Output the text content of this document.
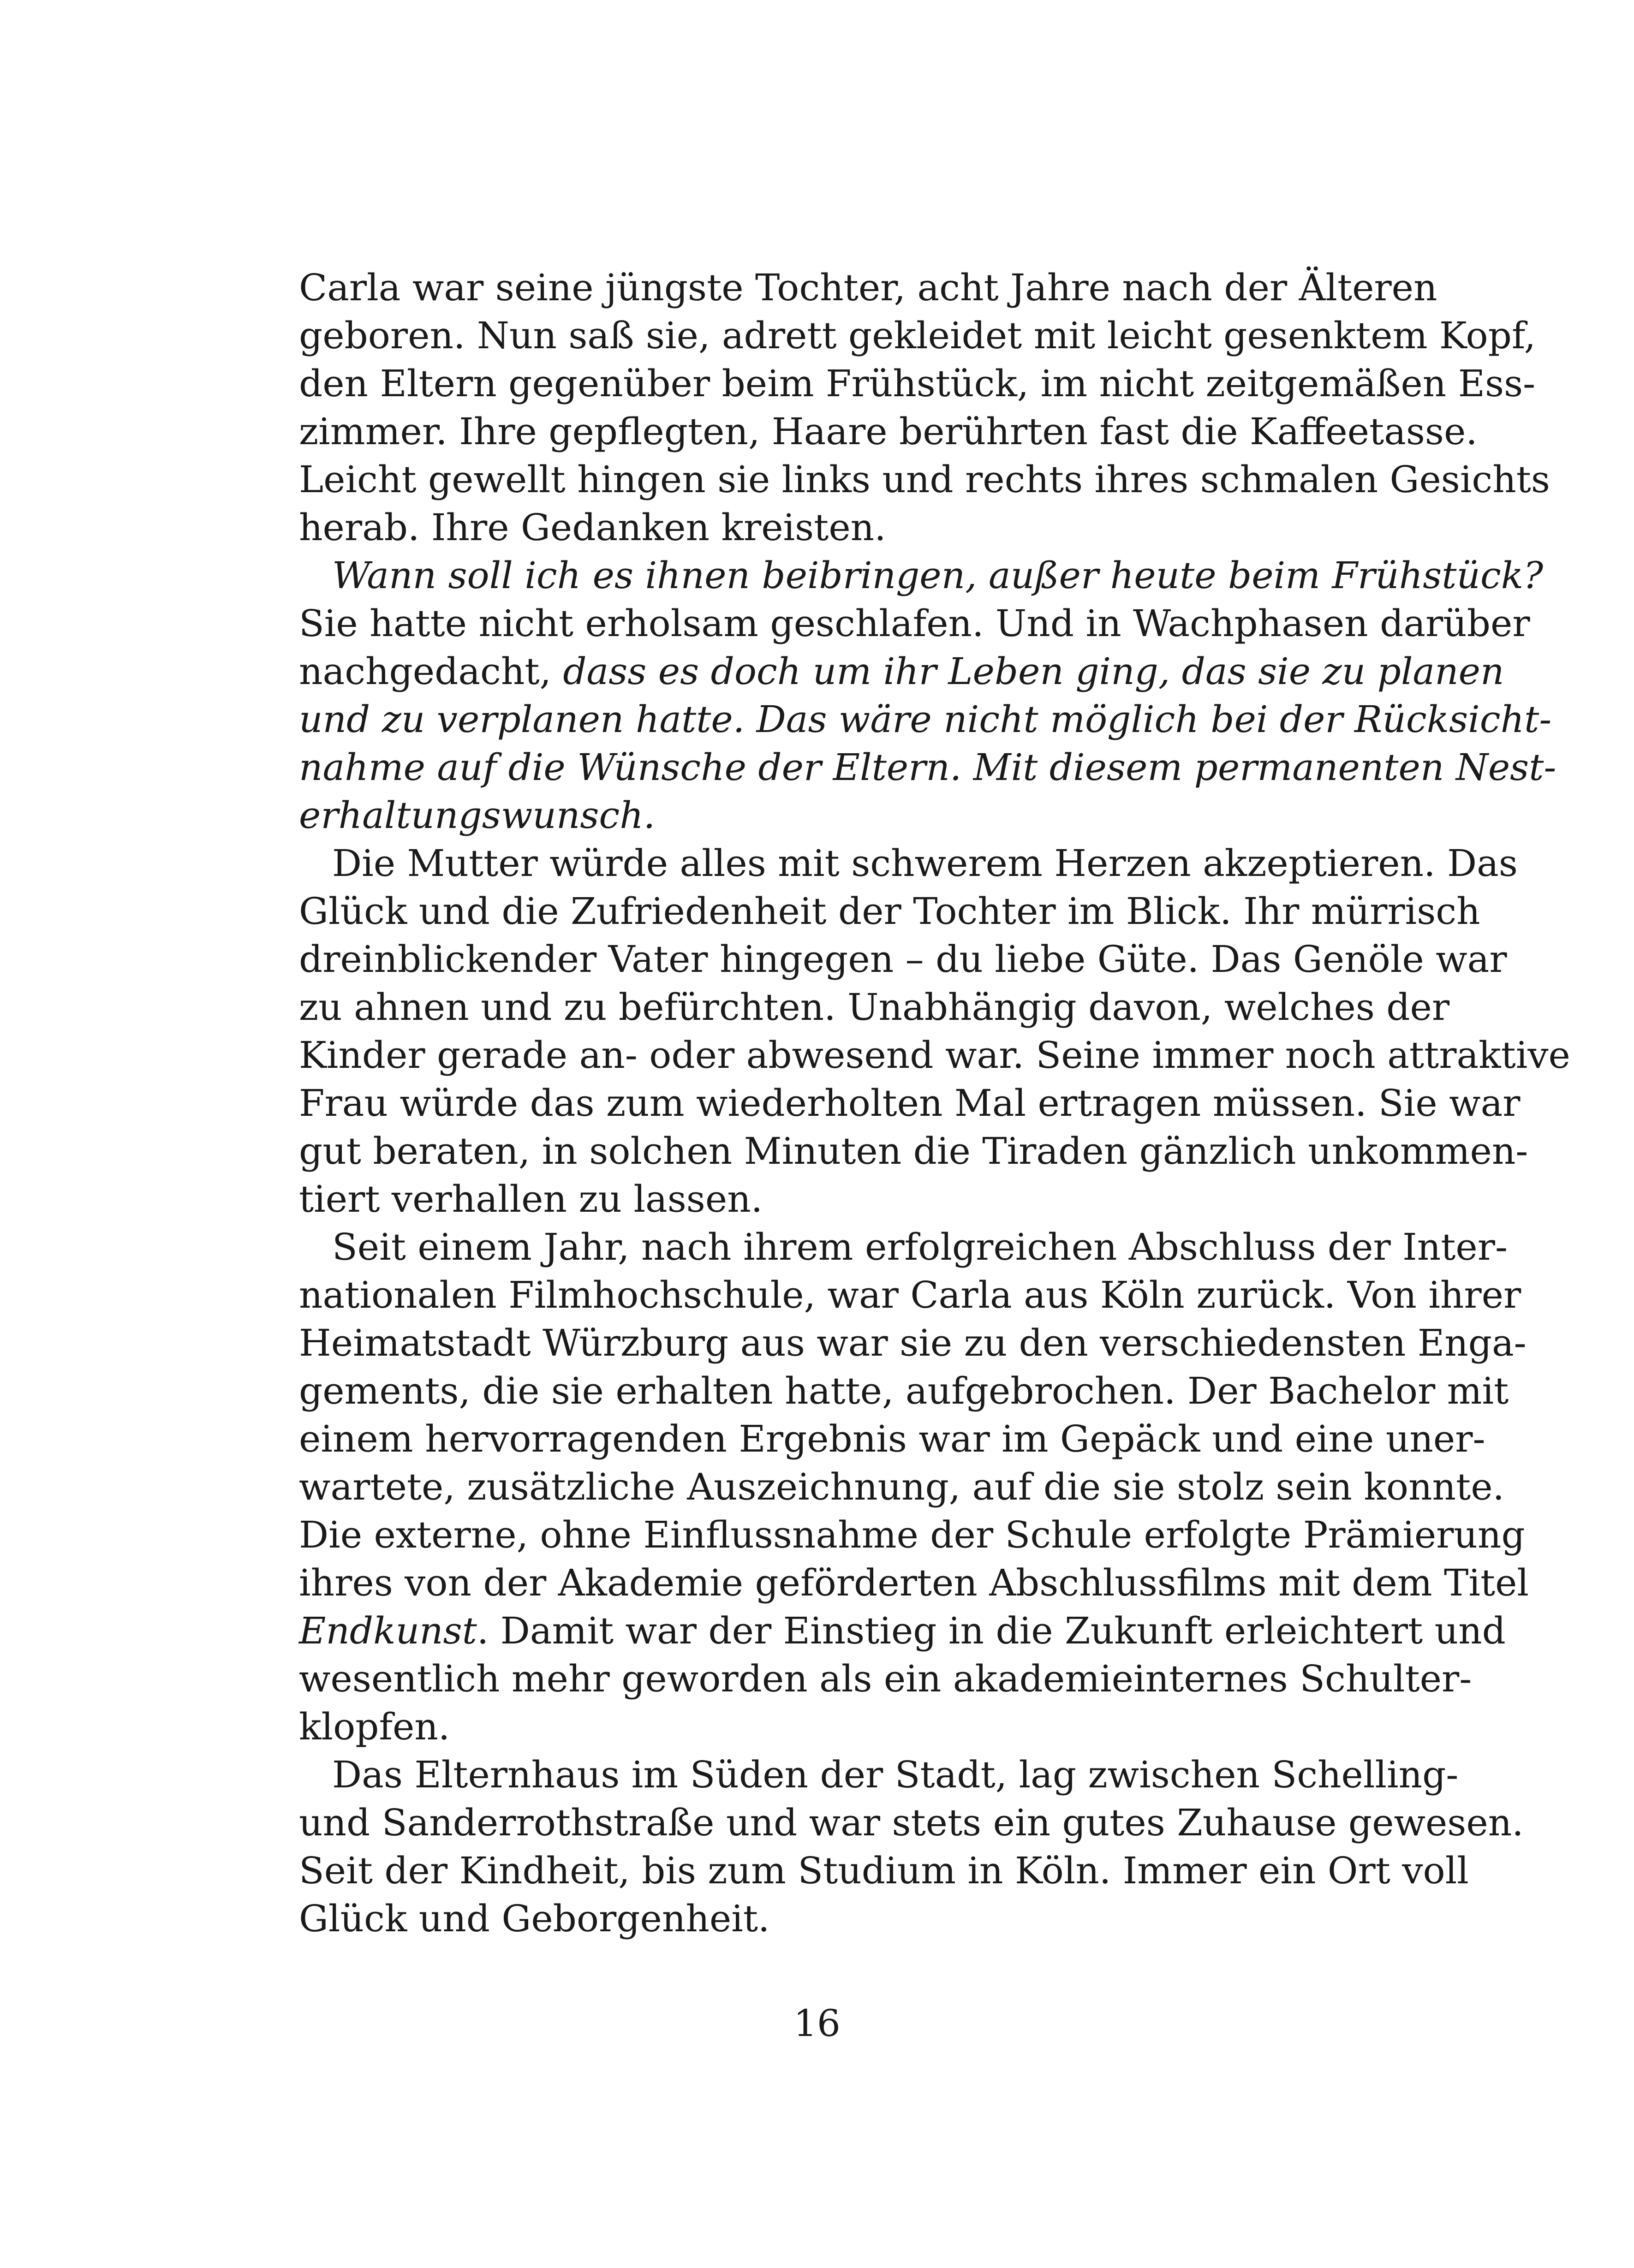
Carla war seine jüngste Tochter, acht Jahre nach der Älteren
geboren. Nun saß sie, adrett gekleidet mit leicht gesenktem Kopf,
den Eltern gegenüber beim Frühstück, im nicht zeitgemäßen Ess-
zimmer. Ihre gepflegten, Haare berührten fast die Kaffeetasse.
Leicht gewellt hingen sie links und rechts ihres schmalen Gesichts
herab. Ihre Gedanken kreisten.
Wann soll ich es ihnen beibringen, außer heute beim Frühstück?
Sie hatte nicht erholsam geschlafen. Und in Wachphasen darüber
nachgedacht, dass es doch um ihr Leben ging, das sie zu planen
und zu verplanen hatte. Das wäre nicht möglich bei der Rücksicht-
nahme auf die Wünsche der Eltern. Mit diesem permanenten Nest-
erhaltungswunsch.
Die Mutter würde alles mit schwerem Herzen akzeptieren. Das
Glück und die Zufriedenheit der Tochter im Blick. Ihr mürrisch
dreinblickender Vater hingegen – du liebe Güte. Das Genöle war
zu ahnen und zu befürchten. Unabhängig davon, welches der
Kinder gerade an- oder abwesend war. Seine immer noch attraktive
Frau würde das zum wiederholten Mal ertragen müssen. Sie war
gut beraten, in solchen Minuten die Tiraden gänzlich unkommen-
tiert verhallen zu lassen.
Seit einem Jahr, nach ihrem erfolgreichen Abschluss der Inter-
nationalen Filmhochschule, war Carla aus Köln zurück. Von ihrer
Heimatstadt Würzburg aus war sie zu den verschiedensten Enga-
gements, die sie erhalten hatte, aufgebrochen. Der Bachelor mit
einem hervorragenden Ergebnis war im Gepäck und eine uner-
wartete, zusätzliche Auszeichnung, auf die sie stolz sein konnte.
Die externe, ohne Einflussnahme der Schule erfolgte Prämierung
ihres von der Akademie geförderten Abschlussfilms mit dem Titel
Endkunst. Damit war der Einstieg in die Zukunft erleichtert und
wesentlich mehr geworden als ein akademieinternes Schulter-
klopfen.
Das Elternhaus im Süden der Stadt, lag zwischen Schelling-
und Sanderrothstraße und war stets ein gutes Zuhause gewesen.
Seit der Kindheit, bis zum Studium in Köln. Immer ein Ort voll
Glück und Geborgenheit.
16
